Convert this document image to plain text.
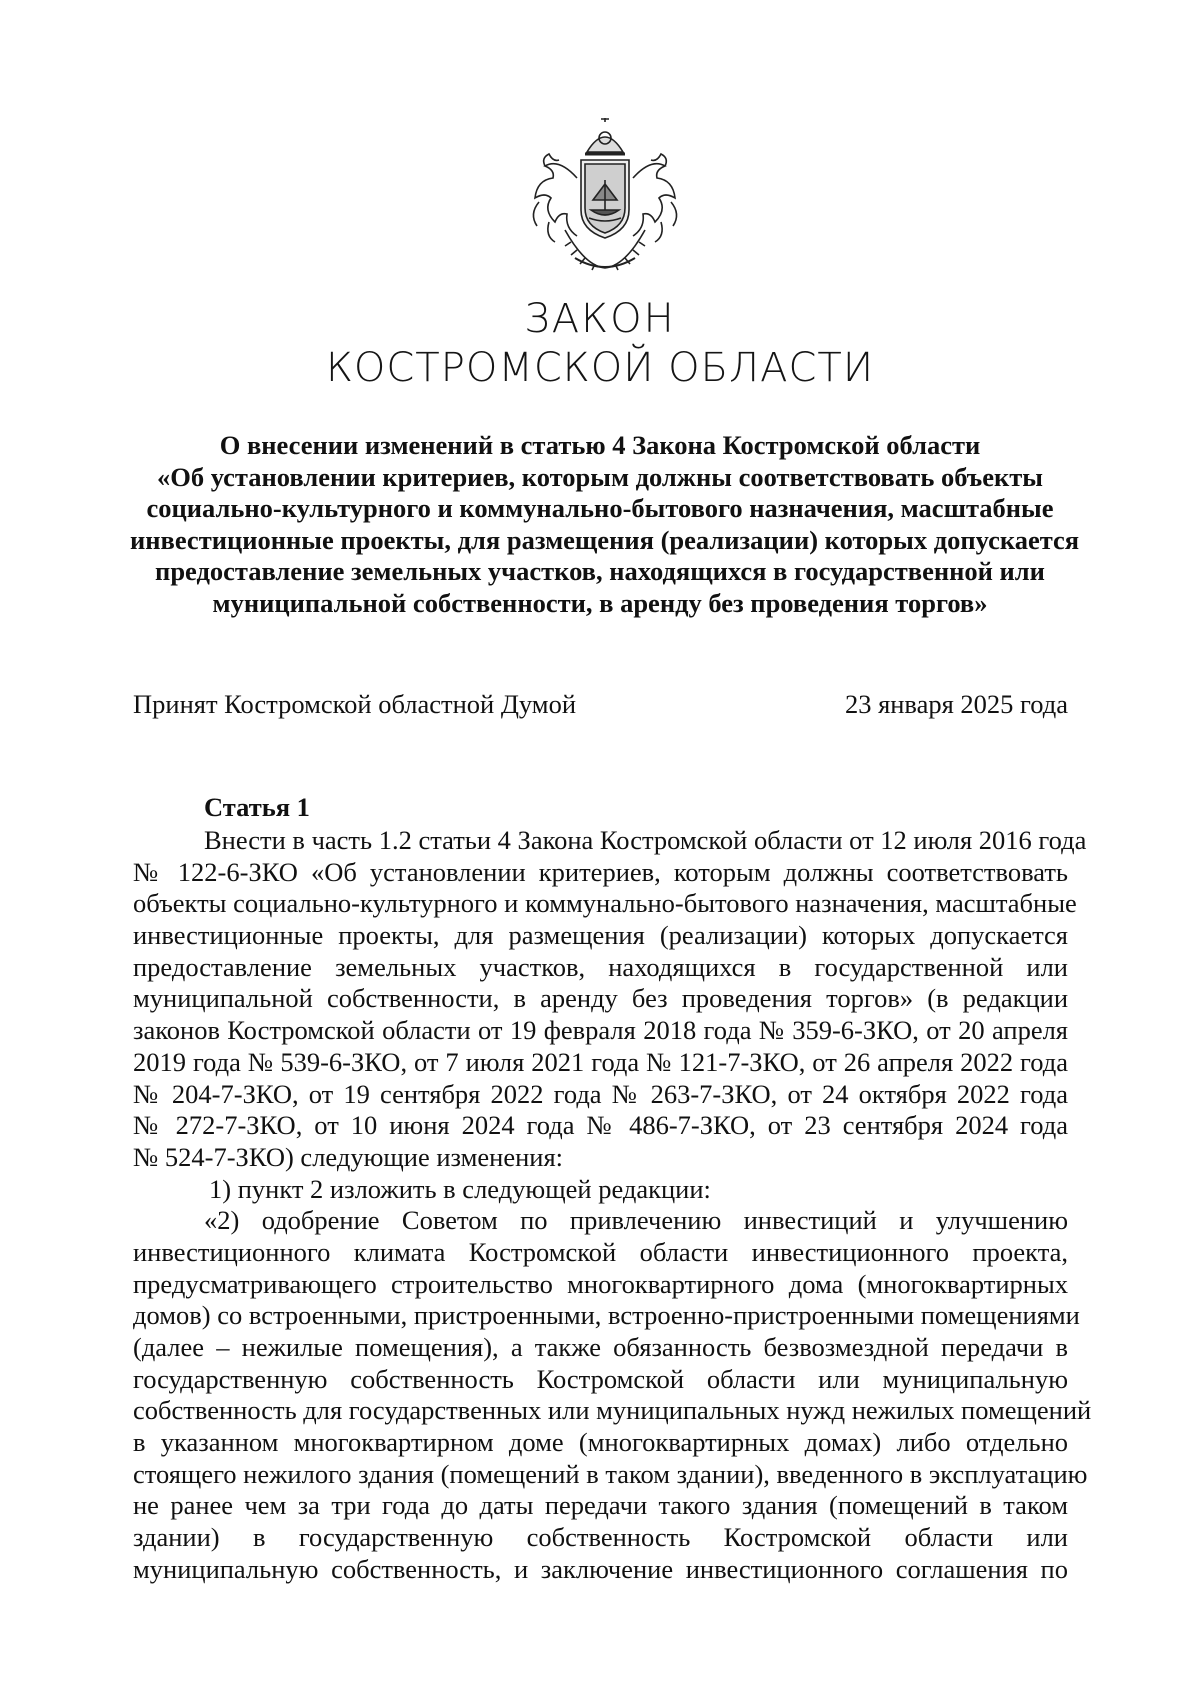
ЗАКОН
КОСТРОМСКОЙ ОБЛАСТИ
О внесении изменений в статью 4 Закона Костромской области
«Об установлении критериев, которым должны соответствовать объекты
социально-культурного и коммунально-бытового назначения, масштабные
инвестиционные проекты, для размещения (реализации) которых допускается
предоставление земельных участков, находящихся в государственной или
муниципальной собственности, в аренду без проведения торгов»
Принят Костромской областной Думой	23 января 2025 года
Статья 1
Внести в часть 1.2 статьи 4 Закона Костромской области от 12 июля 2016 года
№ 122-6-ЗКО «Об установлении критериев, которым должны соответствовать
объекты социально-культурного и коммунально-бытового назначения, масштабные
инвестиционные проекты, для размещения (реализации) которых допускается
предоставление земельных участков, находящихся в государственной или
муниципальной собственности, в аренду без проведения торгов» (в редакции
законов Костромской области от 19 февраля 2018 года № 359-6-ЗКО, от 20 апреля
2019 года № 539-6-ЗКО, от 7 июля 2021 года № 121-7-ЗКО, от 26 апреля 2022 года
№ 204-7-ЗКО, от 19 сентября 2022 года № 263-7-ЗКО, от 24 октября 2022 года
№ 272-7-ЗКО, от 10 июня 2024 года № 486-7-ЗКО, от 23 сентября 2024 года
№ 524-7-ЗКО) следующие изменения:
1) пункт 2 изложить в следующей редакции:
«2) одобрение Советом по привлечению инвестиций и улучшению
инвестиционного климата Костромской области инвестиционного проекта,
предусматривающего строительство многоквартирного дома (многоквартирных
домов) со встроенными, пристроенными, встроенно-пристроенными помещениями
(далее – нежилые помещения), а также обязанность безвозмездной передачи в
государственную собственность Костромской области или муниципальную
собственность для государственных или муниципальных нужд нежилых помещений
в указанном многоквартирном доме (многоквартирных домах) либо отдельно
стоящего нежилого здания (помещений в таком здании), введенного в эксплуатацию
не ранее чем за три года до даты передачи такого здания (помещений в таком
здании) в государственную собственность Костромской области или
муниципальную собственность, и заключение инвестиционного соглашения по
